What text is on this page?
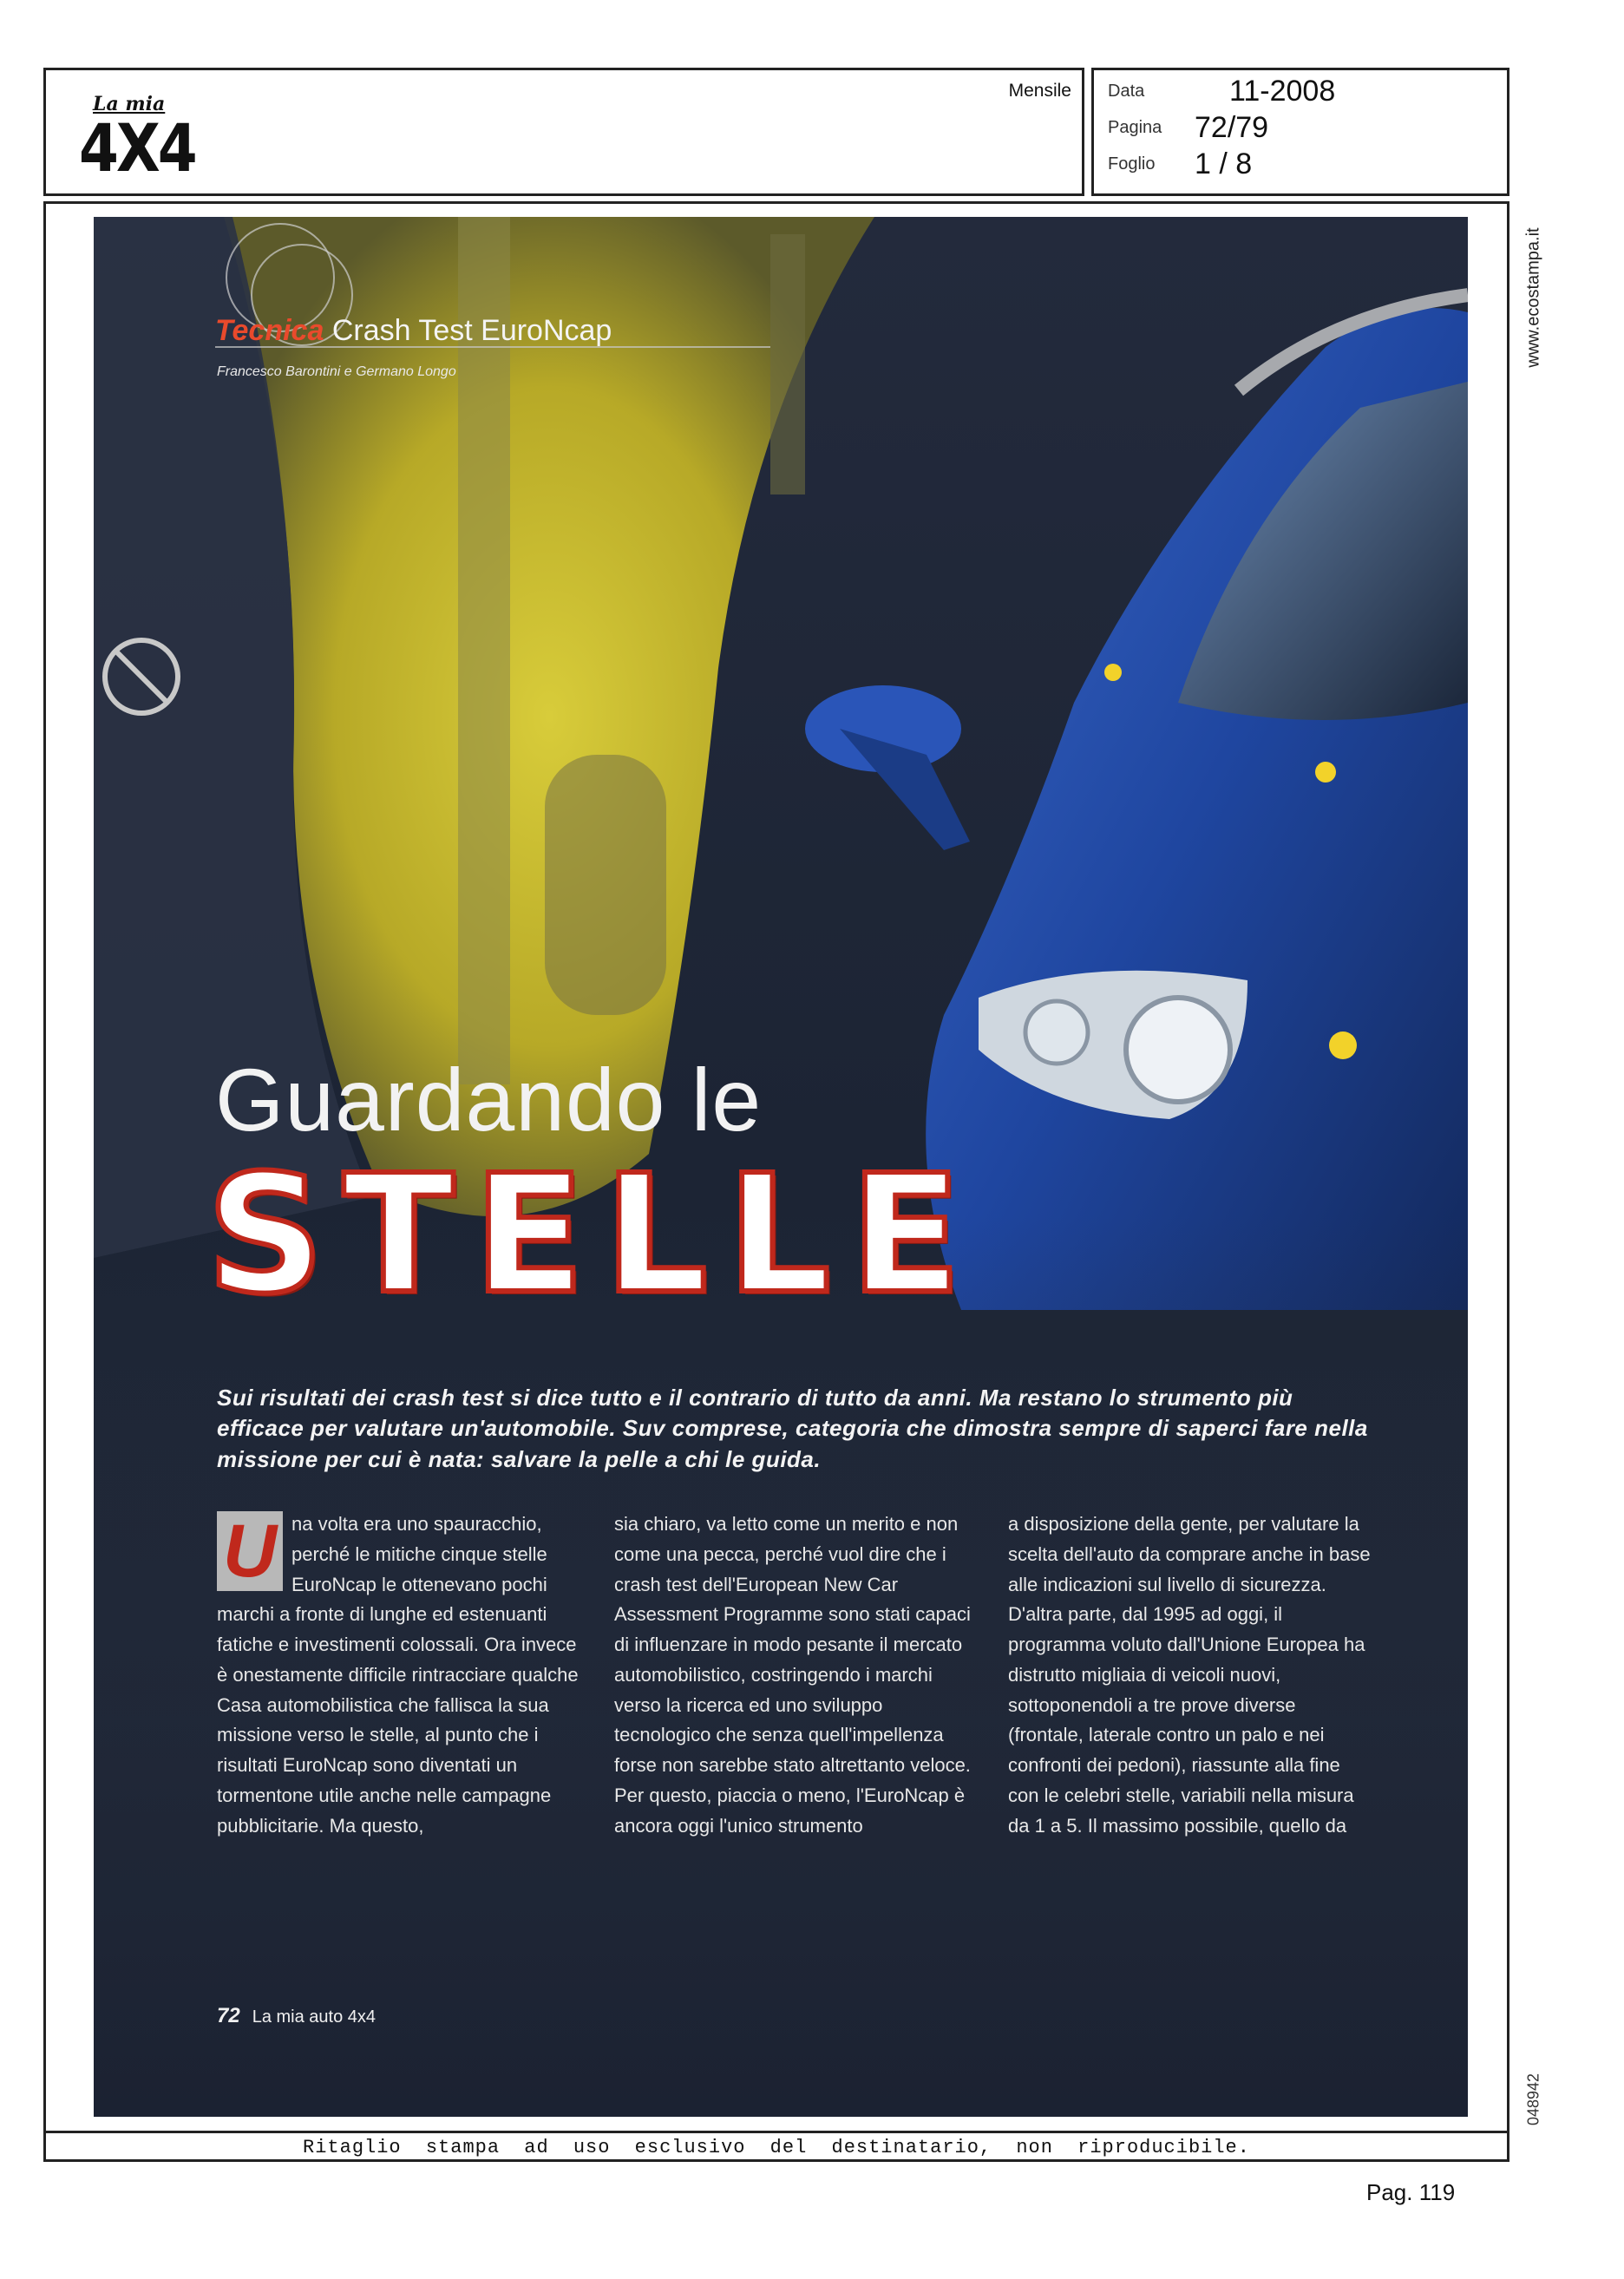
La mia
4X4
Mensile Data	11-2008
Pagina	72/79
Foglio	1 / 8
www.ecostampa.it
048942
Tecnica Crash Test EuroNcap
Francesco Barontini e Germano Longo
Guardando le
STELLE
Sui risultati dei crash test si dice tutto e il contrario di tutto da anni. Ma restano lo strumento più efficace per valutare un'automobile. Suv comprese, categoria che dimostra sempre di saperci fare nella missione per cui è nata: salvare la pelle a chi le guida.
U na volta era uno spauracchio, perché le mitiche cinque stelle EuroNcap le ottenevano pochi marchi a fronte di lunghe ed estenuanti fatiche e investimenti colossali. Ora invece è onestamente difficile rintracciare qualche Casa automobilistica che fallisca la sua missione verso le stelle, al punto che i risultati EuroNcap sono diventati un tormentone utile anche nelle campagne pubblicitarie. Ma questo,

sia chiaro, va letto come un merito e non come una pecca, perché vuol dire che i crash test dell'European New Car Assessment Programme sono stati capaci di influenzare in modo pesante il mercato automobilistico, costringendo i marchi verso la ricerca ed uno sviluppo tecnologico che senza quell'impellenza forse non sarebbe stato altrettanto veloce. Per questo, piaccia o meno, l'EuroNcap è ancora oggi l'unico strumento

a disposizione della gente, per valutare la scelta dell'auto da comprare anche in base alle indicazioni sul livello di sicurezza. D'altra parte, dal 1995 ad oggi, il programma voluto dall'Unione Europea ha distrutto migliaia di veicoli nuovi, sottoponendoli a tre prove diverse (frontale, laterale contro un palo e nei confronti dei pedoni), riassunte alla fine con le celebri stelle, variabili nella misura da 1 a 5. Il massimo possibile, quello da

72 La mia auto 4x4
Ritaglio stampa ad uso esclusivo del destinatario, non riproducibile.
Pag. 119
